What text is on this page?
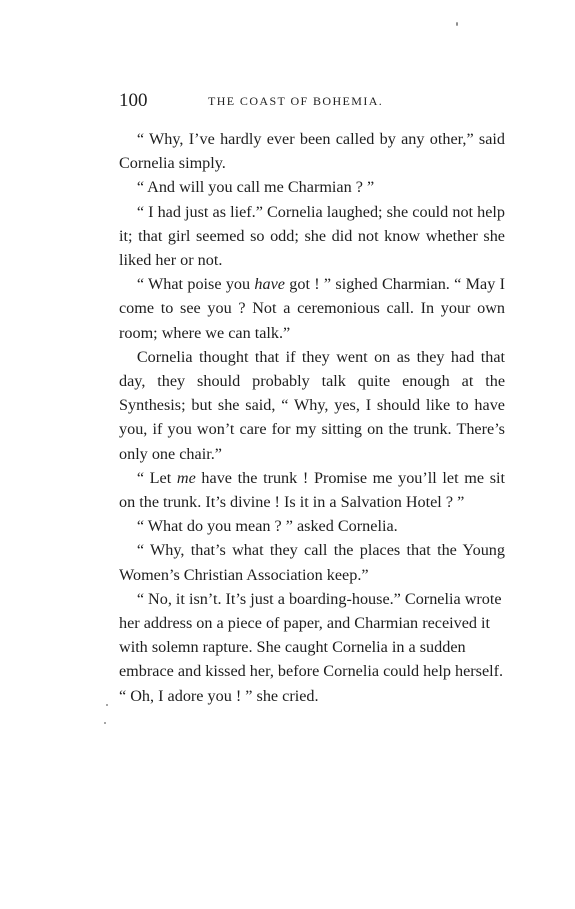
100	THE COAST OF BOHEMIA.

“ Why, I’ve hardly ever been called by any other,” said Cornelia simply.

“ And will you call me Charmian ? ”

“ I had just as lief.” Cornelia laughed; she could not help it; that girl seemed so odd; she did not know whether she liked her or not.

“ What poise you have got ! ” sighed Charmian. “ May I come to see you ? Not a ceremonious call. In your own room; where we can talk.”

Cornelia thought that if they went on as they had that day, they should probably talk quite enough at the Synthesis; but she said, “ Why, yes, I should like to have you, if you won’t care for my sitting on the trunk. There’s only one chair.”

“ Let me have the trunk ! Promise me you’ll let me sit on the trunk. It’s divine ! Is it in a Salvation Hotel ? ”

“ What do you mean ? ” asked Cornelia.

“ Why, that’s what they call the places that the Young Women’s Christian Association keep.”

“ No, it isn’t. It’s just a boarding-house.” Cornelia wrote her address on a piece of paper, and Charmian received it with solemn rapture. She caught Cornelia in a sudden embrace and kissed her, before Cornelia could help herself. “ Oh, I adore you ! ” she cried.
